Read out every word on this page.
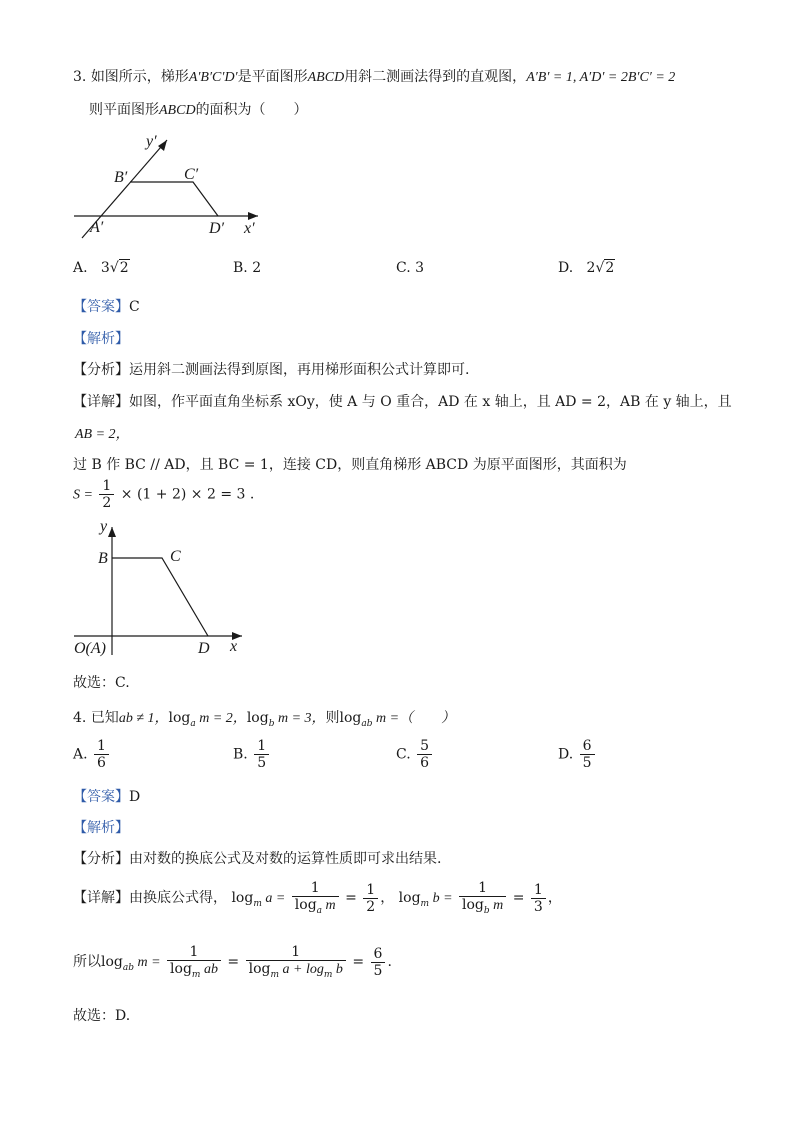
3. 如图所示，梯形A′B′C′D′是平面图形ABCD用斜二测画法得到的直观图，A′B′ = 1, A′D′ = 2B′C′ = 2
则平面图形ABCD的面积为（　　）
y′
x′
A′
B′	C′
D′
A. 3√2	B. 2	C. 3	D. 2√2
【答案】C
【解析】
【分析】运用斜二测画法得到原图，再用梯形面积公式计算即可.
【详解】如图，作平面直角坐标系 xOy，使 A 与 O 重合，AD 在 x 轴上，且 AD = 2，AB 在 y 轴上，且
AB = 2，
过 B 作 BC // AD，且 BC = 1，连接 CD，则直角梯形 ABCD 为原平面图形，其面积为
$S = \frac{1}{2} \times (1 + 2) \times 2 = 3$ .
y
x
B	C
O(A)	D
故选：C.
4. 已知ab ≠ 1，$\log_a m = 2$，$\log_b m = 3$，则$\log_{ab} m$ =（　　）
A. $\frac{1}{6}$	B. $\frac{1}{5}$	C. $\frac{5}{6}$	D. $\frac{6}{5}$
【答案】D
【解析】
【分析】由对数的换底公式及对数的运算性质即可求出结果.
【详解】由换底公式得， $\log_m a = \frac{1}{\log_a m} = \frac{1}{2}$ ， $\log_m b = \frac{1}{\log_b m} = \frac{1}{3}$ ，
所以$\log_{ab} m = \frac{1}{\log_m ab} = \frac{1}{\log_m a + \log_m b} = \frac{6}{5}$ .
故选：D.
